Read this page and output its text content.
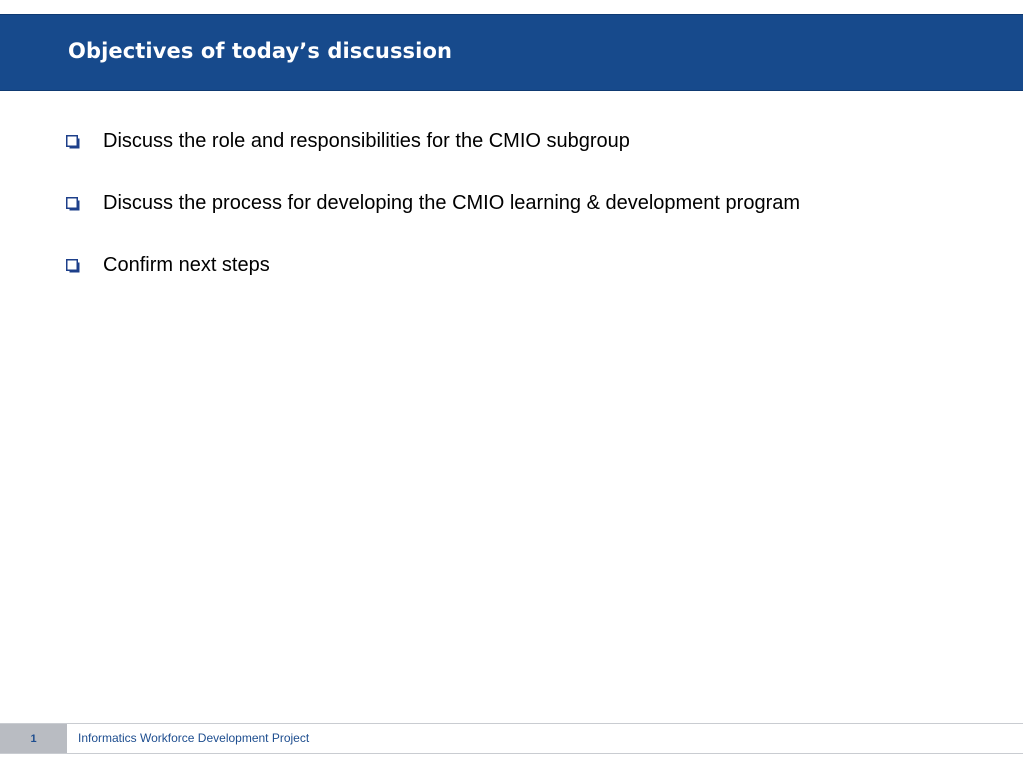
Objectives of today’s discussion
Discuss the role and responsibilities for the CMIO subgroup
Discuss the process for developing the CMIO learning & development program
Confirm next steps
1	Informatics Workforce Development Project
